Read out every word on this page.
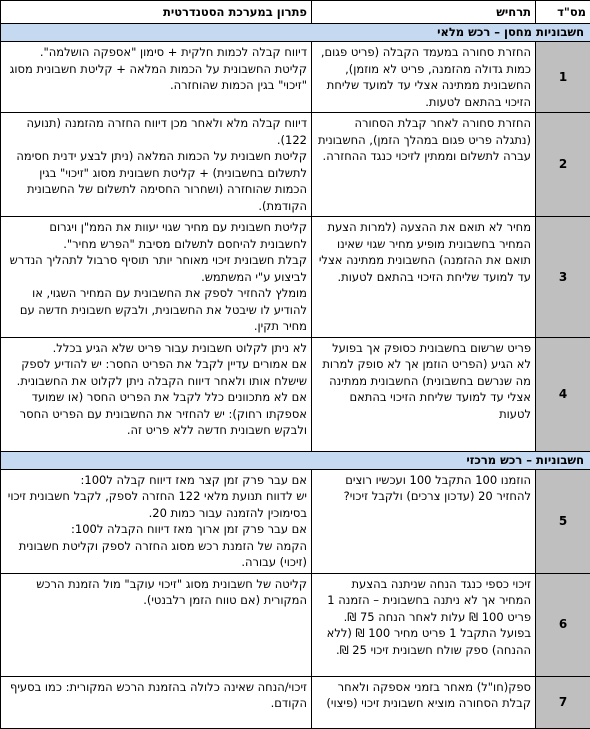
מס"ד	תרחיש	פתרון במערכת הסטנדרטית
חשבוניות מחסן – רכש מלאי		
1	החזרת סחורה במעמד הקבלה (פריט פגום, כמות גדולה מהזמנה, פריט לא מוזמן), החשבונית ממתינה אצלי עד למועד שליחת הזיכוי בהתאם לטעות.	דיווח קבלה לכמות חלקית + סימון "אספקה הושלמה".
קליטת החשבונית על הכמות המלאה + קליטת חשבונית מסוג "זיכוי" בגין הכמות שהוחזרה.
2	החזרת סחורה לאחר קבלת הסחורה (נתגלה פריט פגום במהלך הזמן), החשבונית עברה לתשלום וממתין לזיכוי כנגד ההחזרה.	דיווח קבלה מלא ולאחר מכן דיווח החזרה מהזמנה (תנועה 122).
קליטת חשבונית על הכמות המלאה (ניתן לבצע ידנית חסימה לתשלום בחשבונית) + קליטת חשבונית מסוג "זיכוי" בגין הכמות שהוחזרה (ושחרור החסימה לתשלום של החשבונית הקודמת).
3	מחיר לא תואם את ההצעה (למרות הצעת המחיר בחשבונית מופיע מחיר שגוי שאינו תואם את ההזמנה) החשבונית ממתינה אצלי עד למועד שליחת הזיכוי בהתאם לטעות.	קליטת חשבונית עם מחיר שגוי יעוות את הממ"ן ויגרום לחשבונית להיחסם לתשלום מסיבת "הפרש מחיר".
קבלת חשבונית זיכוי מאוחר יותר תוסיף סרבול לתהליך הנדרש לביצוע ע"י המשתמש.
מומלץ להחזיר לספק את החשבונית עם המחיר השגוי, או להודיע לו שיבטל את החשבונית, ולבקש חשבונית חדשה עם מחיר תקין.
4	פריט שרשום בחשבונית כסופק אך בפועל לא הגיע (הפריט הוזמן אך לא סופק למרות מה שנרשם בחשבונית) החשבונית ממתינה אצלי עד למועד שליחת הזיכוי בהתאם לטעות	לא ניתן לקלוט חשבונית עבור פריט שלא הגיע בכלל.
אם אמורים עדיין לקבל את הפריט החסר: יש להודיע לספק שישלח אותו ולאחר דיווח הקבלה ניתן לקלוט את החשבונית.
אם לא מתכוונים כלל לקבל את הפריט החסר (או שמועד אספקתו רחוק): יש להחזיר את החשבונית עם הפריט החסר ולבקש חשבונית חדשה ללא פריט זה.
חשבוניות – רכש מרכזי		
5	הוזמנו 100 התקבל 100 ועכשיו רוצים להחזיר 20 (עדכון צרכים) ולקבל זיכוי?	אם עבר פרק זמן קצר מאז דיווח קבלה ל100:
יש לדווח תנועת מלאי 122 החזרה לספק, לקבל חשבונית זיכוי בסימוכין להזמנה עבור כמות 20.
אם עבר פרק זמן ארוך מאז דיווח הקבלה ל100:
הקמה של הזמנת רכש מסוג החזרה לספק וקליטת חשבונית (זיכוי) עבורה.
6	זיכוי כספי כנגד הנחה שניתנה בהצעת המחיר אך לא ניתנה בחשבונית – הזמנה 1 פריט 100 ₪ עלות לאחר הנחה 75 ₪. בפועל התקבל 1 פריט מחיר 100 ₪ (ללא ההנחה) ספק שולח חשבונית זיכוי 25 ₪.	קליטה של חשבונית מסוג "זיכוי עוקב" מול הזמנת הרכש המקורית (אם טווח הזמן רלבנטי).
7	ספק(חו"ל) מאחר בזמני אספקה ולאחר קבלת הסחורה מוציא חשבונית זיכוי (פיצוי)	זיכוי/הנחה שאינה כלולה בהזמנת הרכש המקורית: כמו בסעיף הקודם.
